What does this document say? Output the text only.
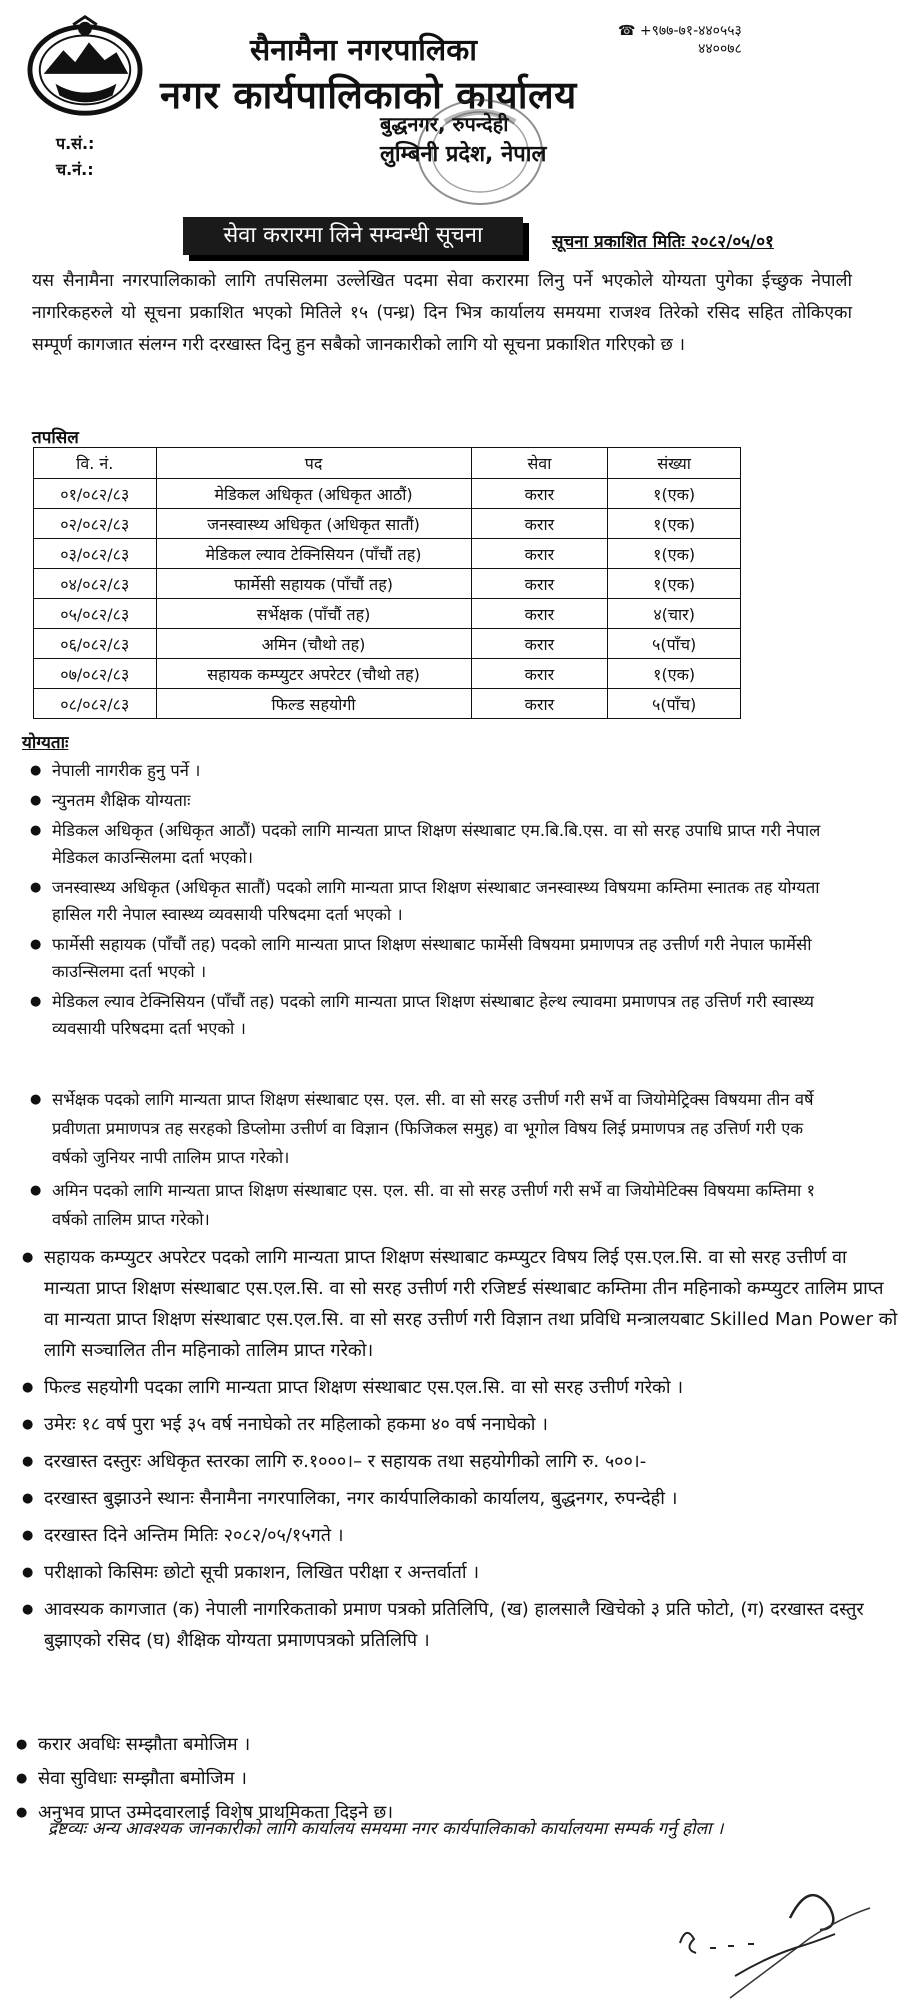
सैनामैना नगरपालिका
नगर कार्यपालिकाको कार्यालय
☎ +९७७-७१-४४०५५३
४४००७८
बुद्धनगर, रुपन्देही
लुम्बिनी प्रदेश, नेपाल
प.सं.:
च.नं.:
सेवा करारमा लिने सम्वन्धी सूचना	सूचना प्रकाशित मितिः २०८२/०५/०१
यस सैनामैना नगरपालिकाको लागि तपसिलमा उल्लेखित पदमा सेवा करारमा लिनु पर्ने भएकोले योग्यता पुगेका ईच्छुक नेपाली नागरिकहरुले यो सूचना प्रकाशित भएको मितिले १५ (पन्ध्र) दिन भित्र कार्यालय समयमा राजश्व तिरेको रसिद सहित तोकिएका सम्पूर्ण कागजात संलग्न गरी दरखास्त दिनु हुन सबैको जानकारीको लागि यो सूचना प्रकाशित गरिएको छ ।
तपसिल
वि. नं.	पद	सेवा	संख्या
०१/०८२/८३	मेडिकल अधिकृत (अधिकृत आठौं)	करार	१(एक)
०२/०८२/८३	जनस्वास्थ्य अधिकृत (अधिकृत सातौं)	करार	१(एक)
०३/०८२/८३	मेडिकल ल्याव टेक्निसियन (पाँचौं तह)	करार	१(एक)
०४/०८२/८३	फार्मेसी सहायक (पाँचौं तह)	करार	१(एक)
०५/०८२/८३	सर्भेक्षक (पाँचौं तह)	करार	४(चार)
०६/०८२/८३	अमिन (चौथो तह)	करार	५(पाँच)
०७/०८२/८३	सहायक कम्प्युटर अपरेटर (चौथो तह)	करार	१(एक)
०८/०८२/८३	फिल्ड सहयोगी	करार	५(पाँच)
योग्यताः
● नेपाली नागरीक हुनु पर्ने ।
● न्युनतम शैक्षिक योग्यताः
● मेडिकल अधिकृत (अधिकृत आठौं) पदको लागि मान्यता प्राप्त शिक्षण संस्थाबाट एम.बि.बि.एस. वा सो सरह उपाधि प्राप्त गरी नेपाल मेडिकल काउन्सिलमा दर्ता भएको।
● जनस्वास्थ्य अधिकृत (अधिकृत सातौं) पदको लागि मान्यता प्राप्त शिक्षण संस्थाबाट जनस्वास्थ्य विषयमा कम्तिमा स्नातक तह योग्यता हासिल गरी नेपाल स्वास्थ्य व्यवसायी परिषदमा दर्ता भएको ।
● फार्मेसी सहायक (पाँचौं तह) पदको लागि मान्यता प्राप्त शिक्षण संस्थाबाट फार्मेसी विषयमा प्रमाणपत्र तह उत्तीर्ण गरी नेपाल फार्मेसी काउन्सिलमा दर्ता भएको ।
● मेडिकल ल्याव टेक्निसियन (पाँचौं तह) पदको लागि मान्यता प्राप्त शिक्षण संस्थाबाट हेल्थ ल्यावमा प्रमाणपत्र तह उत्तिर्ण गरी स्वास्थ्य व्यवसायी परिषदमा दर्ता भएको ।
● सर्भेक्षक पदको लागि मान्यता प्राप्त शिक्षण संस्थाबाट एस. एल. सी. वा सो सरह उत्तीर्ण गरी सर्भे वा जियोमेट्रिक्स विषयमा तीन वर्षे प्रवीणता प्रमाणपत्र तह सरहको डिप्लोमा उत्तीर्ण वा विज्ञान (फिजिकल समुह) वा भूगोल विषय लिई प्रमाणपत्र तह उत्तिर्ण गरी एक वर्षको जुनियर नापी तालिम प्राप्त गरेको।
● अमिन पदको लागि मान्यता प्राप्त शिक्षण संस्थाबाट एस. एल. सी. वा सो सरह उत्तीर्ण गरी सर्भे वा जियोमेटिक्स विषयमा कम्तिमा १ वर्षको तालिम प्राप्त गरेको।
● सहायक कम्प्युटर अपरेटर पदको लागि मान्यता प्राप्त शिक्षण संस्थाबाट कम्प्युटर विषय लिई एस.एल.सि. वा सो सरह उत्तीर्ण वा मान्यता प्राप्त शिक्षण संस्थाबाट एस.एल.सि. वा सो सरह उत्तीर्ण गरी रजिष्टर्ड संस्थाबाट कम्तिमा तीन महिनाको कम्प्युटर तालिम प्राप्त वा मान्यता प्राप्त शिक्षण संस्थाबाट एस.एल.सि. वा सो सरह उत्तीर्ण गरी विज्ञान तथा प्रविधि मन्त्रालयबाट Skilled Man Power को लागि सञ्चालित तीन महिनाको तालिम प्राप्त गरेको।
● फिल्ड सहयोगी पदका लागि मान्यता प्राप्त शिक्षण संस्थाबाट एस.एल.सि. वा सो सरह उत्तीर्ण गरेको ।
● उमेरः १८ वर्ष पुरा भई ३५ वर्ष ननाघेको तर महिलाको हकमा ४० वर्ष ननाघेको ।
● दरखास्त दस्तुरः अधिकृत स्तरका लागि रु.१०००।– र सहायक तथा सहयोगीको लागि रु. ५००।-
● दरखास्त बुझाउने स्थानः सैनामैना नगरपालिका, नगर कार्यपालिकाको कार्यालय, बुद्धनगर, रुपन्देही ।
● दरखास्त दिने अन्तिम मितिः २०८२/०५/१५गते ।
● परीक्षाको किसिमः छोटो सूची प्रकाशन, लिखित परीक्षा र अन्तर्वार्ता ।
● आवस्यक कागजात (क) नेपाली नागरिकताको प्रमाण पत्रको प्रतिलिपि, (ख) हालसालै खिचेको ३ प्रति फोटो, (ग) दरखास्त दस्तुर बुझाएको रसिद (घ) शैक्षिक योग्यता प्रमाणपत्रको प्रतिलिपि ।
● करार अवधिः सम्झौता बमोजिम ।
● सेवा सुविधाः सम्झौता बमोजिम ।
● अनुभव प्राप्त उम्मेदवारलाई विशेष प्राथमिकता दिइने छ।
द्रष्टव्यः अन्य आवश्यक जानकारीको लागि कार्यालय समयमा नगर कार्यपालिकाको कार्यालयमा सम्पर्क गर्नु होला ।
